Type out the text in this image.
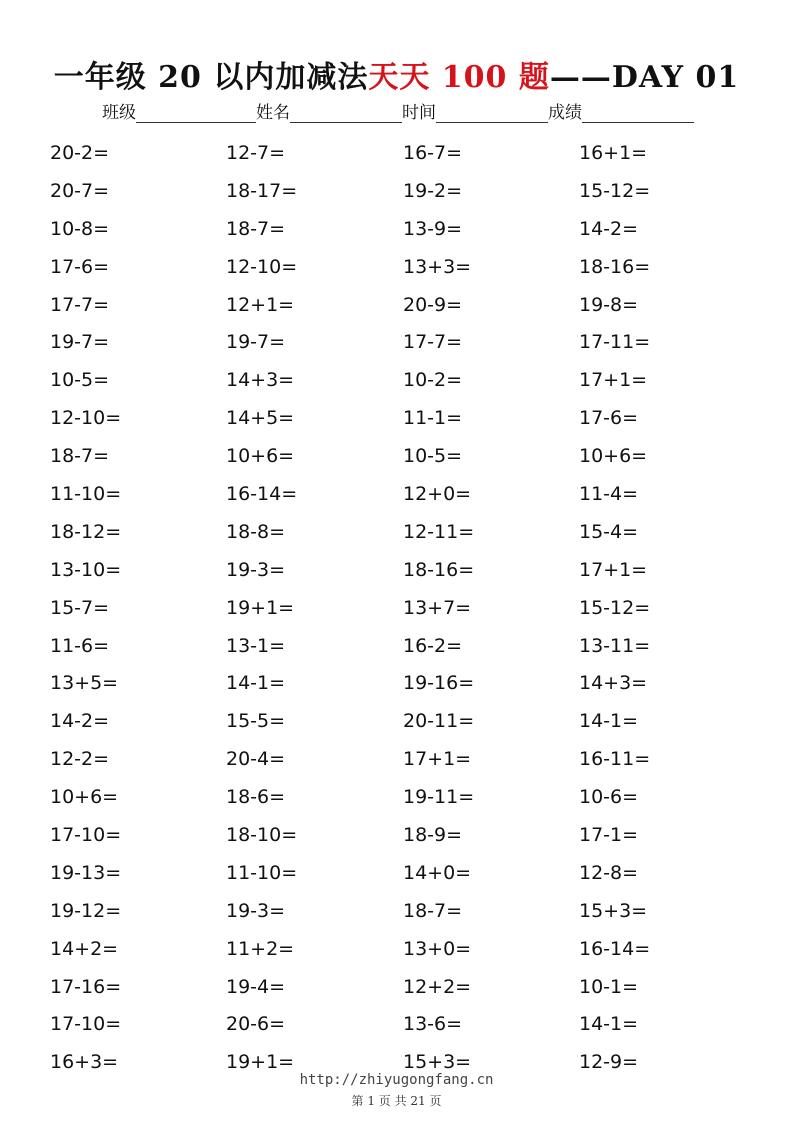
一年级 20 以内加减法天天 100 题——DAY 01
班级	姓名	时间	成绩
20-2=	12-7=	16-7=	16+1=
20-7=	18-17=	19-2=	15-12=
10-8=	18-7=	13-9=	14-2=
17-6=	12-10=	13+3=	18-16=
17-7=	12+1=	20-9=	19-8=
19-7=	19-7=	17-7=	17-11=
10-5=	14+3=	10-2=	17+1=
12-10=	14+5=	11-1=	17-6=
18-7=	10+6=	10-5=	10+6=
11-10=	16-14=	12+0=	11-4=
18-12=	18-8=	12-11=	15-4=
13-10=	19-3=	18-16=	17+1=
15-7=	19+1=	13+7=	15-12=
11-6=	13-1=	16-2=	13-11=
13+5=	14-1=	19-16=	14+3=
14-2=	15-5=	20-11=	14-1=
12-2=	20-4=	17+1=	16-11=
10+6=	18-6=	19-11=	10-6=
17-10=	18-10=	18-9=	17-1=
19-13=	11-10=	14+0=	12-8=
19-12=	19-3=	18-7=	15+3=
14+2=	11+2=	13+0=	16-14=
17-16=	19-4=	12+2=	10-1=
17-10=	20-6=	13-6=	14-1=
16+3=	19+1=	15+3=	12-9=
http://zhiyugongfang.cn
第 1 页 共 21 页
